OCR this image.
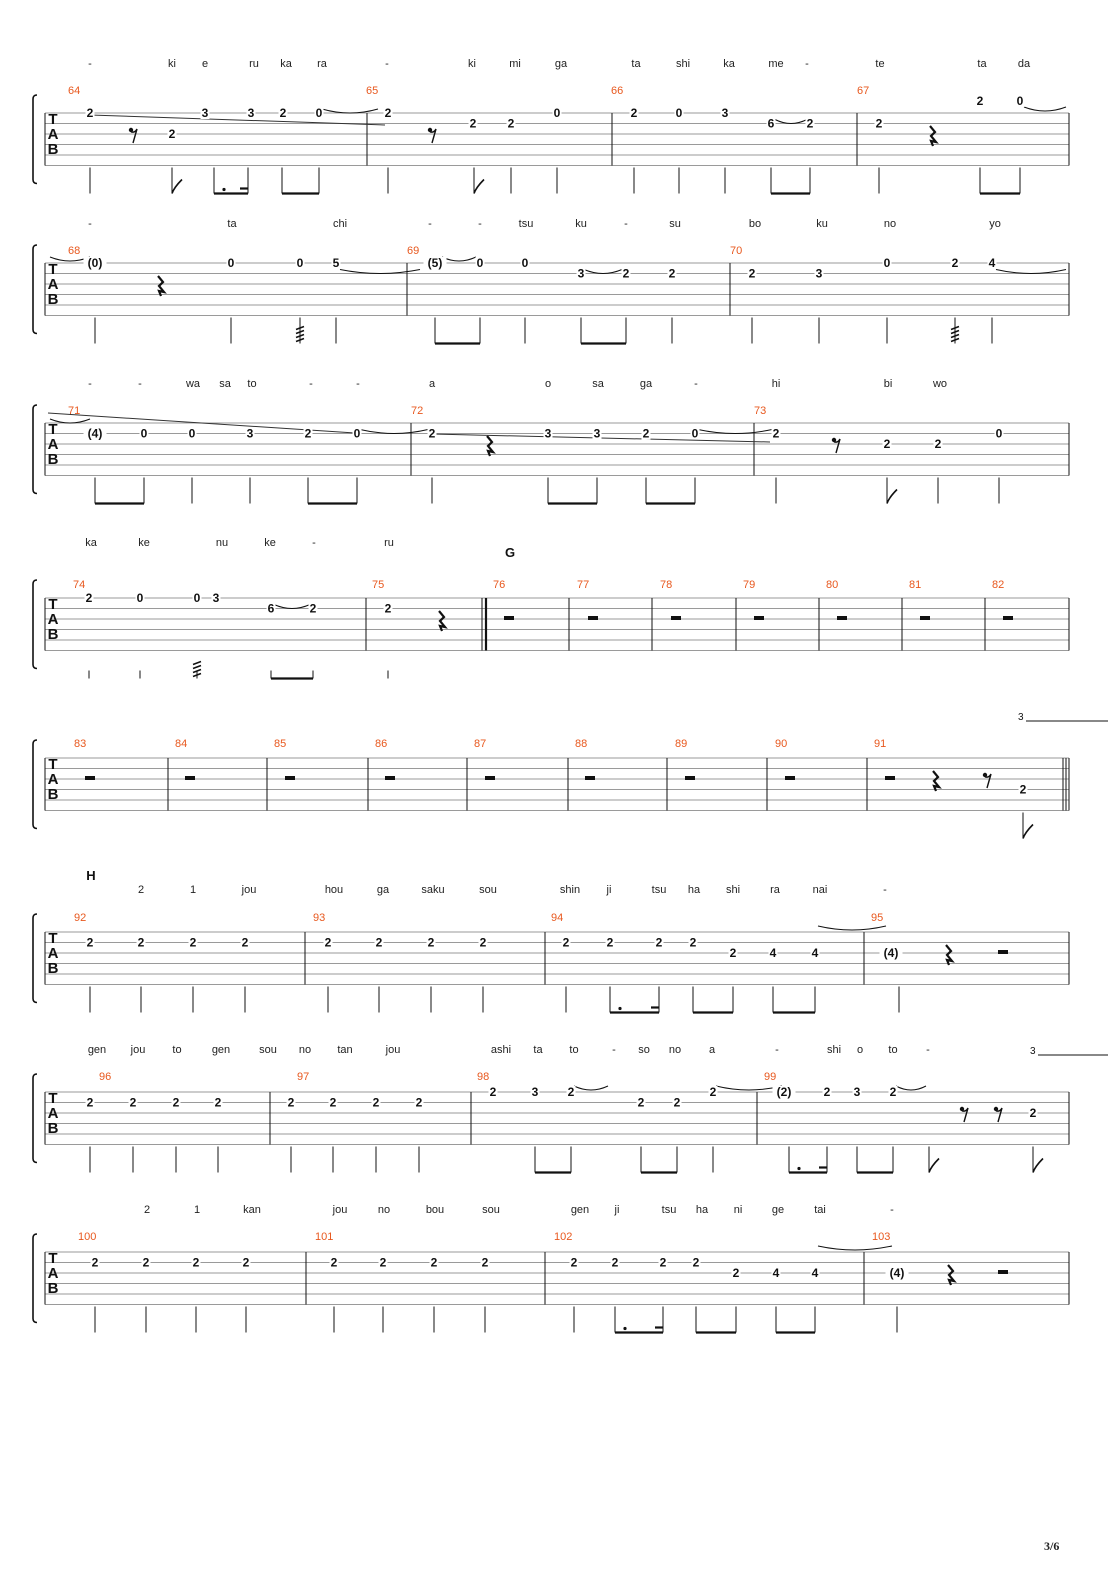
T
A
B
64	65	66	67
-	ki e	ru ka ra	-	ki	mi	ga	ta	shi	ka	me -	te	ta	da
2
2
3	3 2 0	2
2	2
0	2	0	3
6	2	2
2	0
T
A
B
68	69	70
-	ta	chi	-	-	tsu	ku	-	su	bo	ku	no	yo
(0)	0	0 5	(5)	0	0
3	2	2	2	3
0	2	4
T
A
B
71	72	73
-	-	wa sa to	-	-	a	o	sa	ga	-	hi	bi	wo
(4)	0	0	3	2	0	2	3	3	2	0	2
2	2
0
T
A
B
74	75	76	77	78	79	80	81	82
ka	ke	nu	ke	-	ru
G
2	0	0 3
6	2	2
T
A
B
83	84	85	86	87	88	89	90	91
3
2
T
A
B
92	93	94	95
2	1	jou	hou	ga	saku	sou	shin ji	tsu ha shi	ra	nai	-
H
2	2	2	2	2	2	2	2	2	2	2 2
2	4	4	(4)
T
A
B
96	97	98	99
gen jou to	gen	sou no tan	jou	ashi ta to	- so no	a	-	shi o to	-	3
2	2	2	2	2	2	2	2
2	3 2
2 2
2	(2)	2 3 2
2
T
A
B
100	101	102	103
2	1	kan	jou	no	bou	sou	gen ji	tsu ha ni	ge	tai	-
2	2	2	2	2	2	2	2	2	2	2 2
2	4	4	(4)
3/6
